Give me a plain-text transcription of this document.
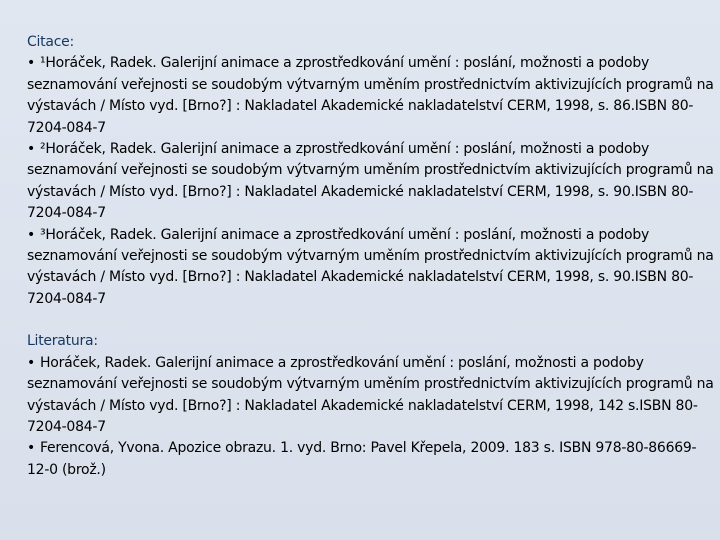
Citace:
• ¹Horáček, Radek. Galerijní animace a zprostředkování umění : poslání, možnosti a podoby seznamování veřejnosti se soudobým výtvarným uměním prostřednictvím aktivizujících programů na výstavách / Místo vyd. [Brno?] : Nakladatel Akademické nakladatelství CERM, 1998, s. 86.ISBN 80-7204-084-7
• ²Horáček, Radek. Galerijní animace a zprostředkování umění : poslání, možnosti a podoby seznamování veřejnosti se soudobým výtvarným uměním prostřednictvím aktivizujících programů na výstavách / Místo vyd. [Brno?] : Nakladatel Akademické nakladatelství CERM, 1998, s. 90.ISBN 80-7204-084-7
• ³Horáček, Radek. Galerijní animace a zprostředkování umění : poslání, možnosti a podoby seznamování veřejnosti se soudobým výtvarným uměním prostřednictvím aktivizujících programů na výstavách / Místo vyd. [Brno?] : Nakladatel Akademické nakladatelství CERM, 1998, s. 90.ISBN 80-7204-084-7
Literatura:
• Horáček, Radek. Galerijní animace a zprostředkování umění : poslání, možnosti a podoby seznamování veřejnosti se soudobým výtvarným uměním prostřednictvím aktivizujících programů na výstavách / Místo vyd. [Brno?] : Nakladatel Akademické nakladatelství CERM, 1998, 142 s.ISBN 80-7204-084-7
• Ferencová, Yvona. Apozice obrazu. 1. vyd. Brno: Pavel Křepela, 2009. 183 s. ISBN 978-80-86669-12-0 (brož.)
